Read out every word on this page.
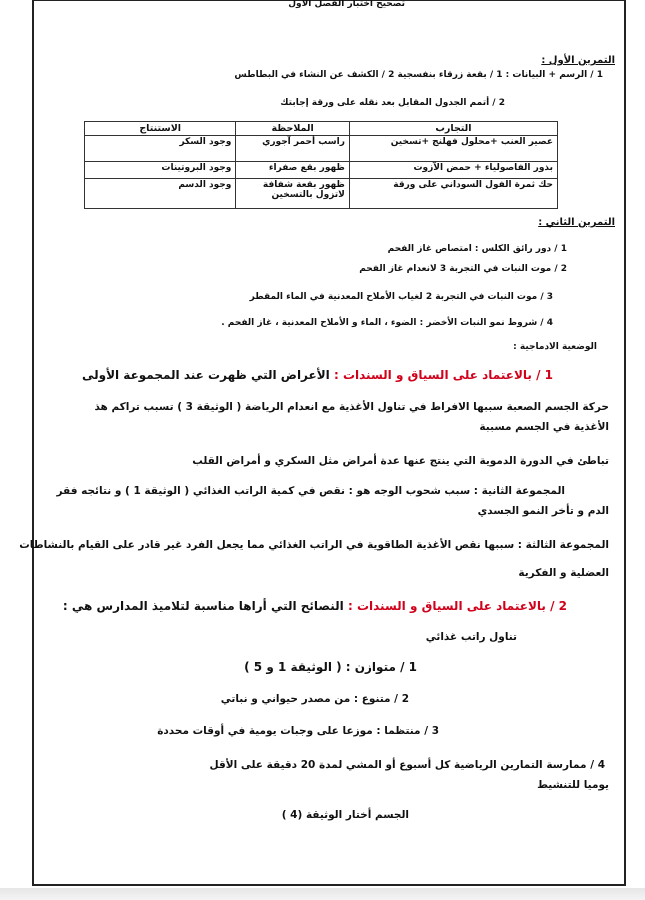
تصحيح اختبار الفصل الأول
التمرين الأول :
1 / الرسم + البيانات : 1 / بقعة زرقاء بنفسجية 2 / الكشف عن النشاء في البطاطس
2 / أتمم الجدول المقابل بعد نقله على ورقة إجابتك
التجارب	الملاحظة	الاستنتاج
عصير العنب +محلول فهلنج +تسخين	راسب أحمر آجوري	وجود السكر
بذور الفاصولياء + حمض الآزوت	ظهور بقع صفراء	وجود البروتينات
حك ثمرة الفول السوداني على ورقة	ظهور بقعة شفافة لاتزول بالتسخين	وجود الدسم
التمرين الثاني :
1 / دور رائق الكلس : امتصاص غاز الفحم
2 / موت النبات في التجربة 3 لانعدام غاز الفحم
3 / موت النبات في التجربة 2 لغياب الأملاح المعدنية في الماء المقطر
4 / شروط نمو النبات الأخضر : الضوء ، الماء و الأملاح المعدنية ، غاز الفحم .
الوضعية الادماجية :
1 / بالاعتماد على السياق و السندات : الأعراض التي ظهرت عند المجموعة الأولى
حركة الجسم الصعبة سببها الافراط في تناول الأغذية مع انعدام الرياضة ( الوثيقة 3 ) تسبب تراكم هذ
الأغذية في الجسم مسببة
تباطئ في الدورة الدموية التي ينتج عنها عدة أمراض مثل السكري و أمراض القلب
المجموعة الثانية : سبب شحوب الوجه هو : نقص في كمية الراتب الغذائي ( الوثيقة 1 ) و نتائجه فقر
الدم و تأخر النمو الجسدي
المجموعة الثالثة : سببها نقص الأغذية الطاقوية في الراتب الغذائي مما يجعل الفرد غير قادر على القيام بالنشاطات
العضلية و الفكرية
2 / بالاعتماد على السياق و السندات : النصائح التي أراها مناسبة لتلاميذ المدارس هي :
تناول راتب غذائي
1 / متوازن : ( الوثيقة 1 و 5 )
2 / متنوع : من مصدر حيواني و نباتي
3 / منتظما : موزعا على وجبات يومية في أوقات محددة
4 / ممارسة التمارين الرياضية كل أسبوع أو المشي لمدة 20 دقيقة على الأقل
يوميا للتنشيط
الجسم أختار الوثيقة (4 )
